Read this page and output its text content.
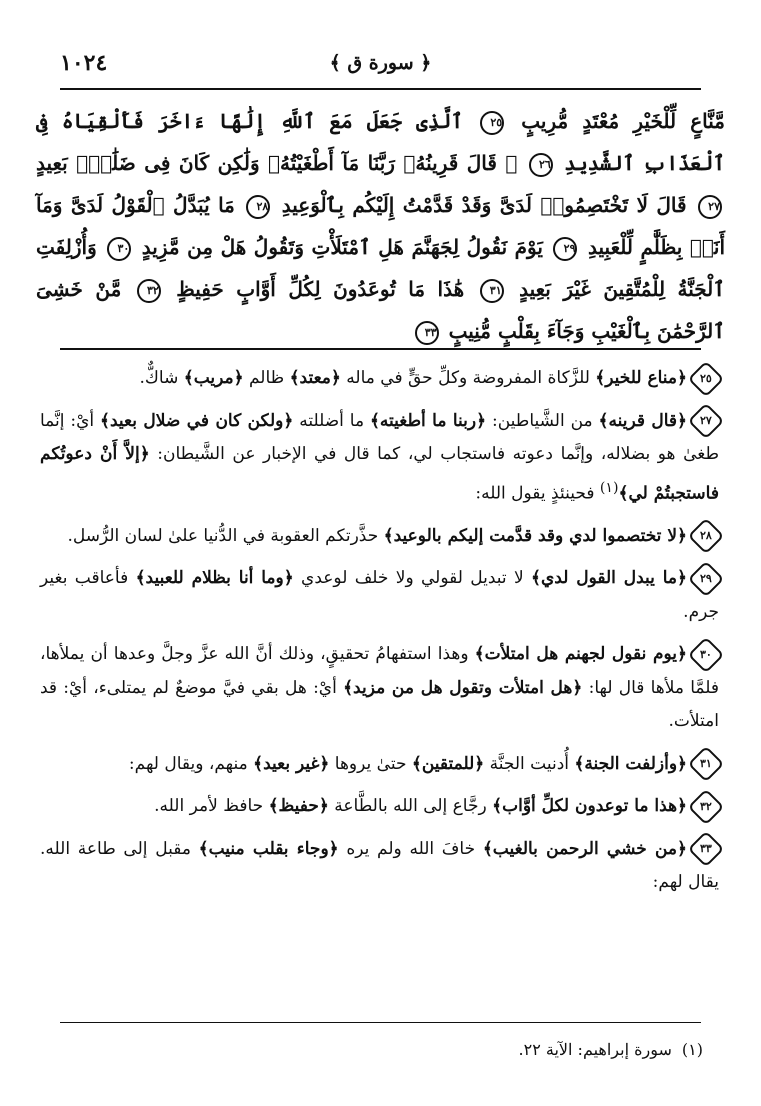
١٠٢٤	﴿ سورة ق ﴾
مَّنَّاعٍ لِّلْخَيْرِ مُعْتَدٍ مُّرِيبٍ ٢٥ ٱلَّذِى جَعَلَ مَعَ ٱللَّهِ إِلَٰهًا ءَاخَرَ فَأَلْقِيَاهُ فِى ٱلْعَذَابِ ٱلشَّدِيدِ ٢٦ ۞ قَالَ قَرِينُهُۥ رَبَّنَا مَآ أَطْغَيْتُهُۥ وَلَٰكِن كَانَ فِى ضَلَٰلٍۭ بَعِيدٍ ٢٧ قَالَ لَا تَخْتَصِمُوا۟ لَدَىَّ وَقَدْ قَدَّمْتُ إِلَيْكُم بِٱلْوَعِيدِ ٢٨ مَا يُبَدَّلُ ٱلْقَوْلُ لَدَىَّ وَمَآ أَنَا۠ بِظَلَّٰمٍ لِّلْعَبِيدِ ٢٩ يَوْمَ نَقُولُ لِجَهَنَّمَ هَلِ ٱمْتَلَأْتِ وَتَقُولُ هَلْ مِن مَّزِيدٍ ٣٠ وَأُزْلِفَتِ ٱلْجَنَّةُ لِلْمُتَّقِينَ غَيْرَ بَعِيدٍ ٣١ هَٰذَا مَا تُوعَدُونَ لِكُلِّ أَوَّابٍ حَفِيظٍ ٣٢ مَّنْ خَشِىَ ٱلرَّحْمَٰنَ بِٱلْغَيْبِ وَجَآءَ بِقَلْبٍ مُّنِيبٍ ٣٣

٢٥﴿مناع للخير﴾ للزَّكاة المفروضة وكلِّ حقٍّ في ماله ﴿معتد﴾ ظالم ﴿مريب﴾ شاكٌّ.

٢٧﴿قال قرينه﴾ من الشَّياطين: ﴿ربنا ما أطغيته﴾ ما أضللته ﴿ولكن كان في ضلال بعيد﴾ أيْ: إنَّما طغىٰ هو بضلاله، وإنَّما دعوته فاستجاب لي، كما قال في الإخبار عن الشَّيطان: ﴿إلاَّ أَنْ دعوتُكم فاستجبتُمْ لي﴾$^{(١)}$ فحينئذٍ يقول الله:

٢٨﴿لا تختصموا لدي وقد قدَّمت إليكم بالوعيد﴾ حذَّرتكم العقوبة في الدُّنيا علىٰ لسان الرُّسل.

٢٩﴿ما يبدل القول لدي﴾ لا تبديل لقولي ولا خلف لوعدي ﴿وما أنا بظلام للعبيد﴾ فأعاقب بغير جرم.

٣٠﴿يوم نقول لجهنم هل امتلأت﴾ وهذا استفهامُ تحقيقٍ، وذلك أنَّ الله عزَّ وجلَّ وعدها أن يملأها، فلمَّا ملأها قال لها: ﴿هل امتلأت وتقول هل من مزيد﴾ أيْ: هل بقي فيَّ موضعٌ لم يمتلىء، أيْ: قد امتلأت.

٣١﴿وأزلفت الجنة﴾ أُدنيت الجنَّة ﴿للمتقين﴾ حتىٰ يروها ﴿غير بعيد﴾ منهم، ويقال لهم:

٣٢﴿هذا ما توعدون لكلِّ أوَّاب﴾ رجَّاع إلى الله بالطَّاعة ﴿حفيظ﴾ حافظ لأمر الله.

٣٣﴿من خشي الرحمن بالغيب﴾ خافَ الله ولم يره ﴿وجاء بقلب منيب﴾ مقبل إلى طاعة الله. يقال لهم:

(١)سورة إبراهيم: الآية ٢٢.
